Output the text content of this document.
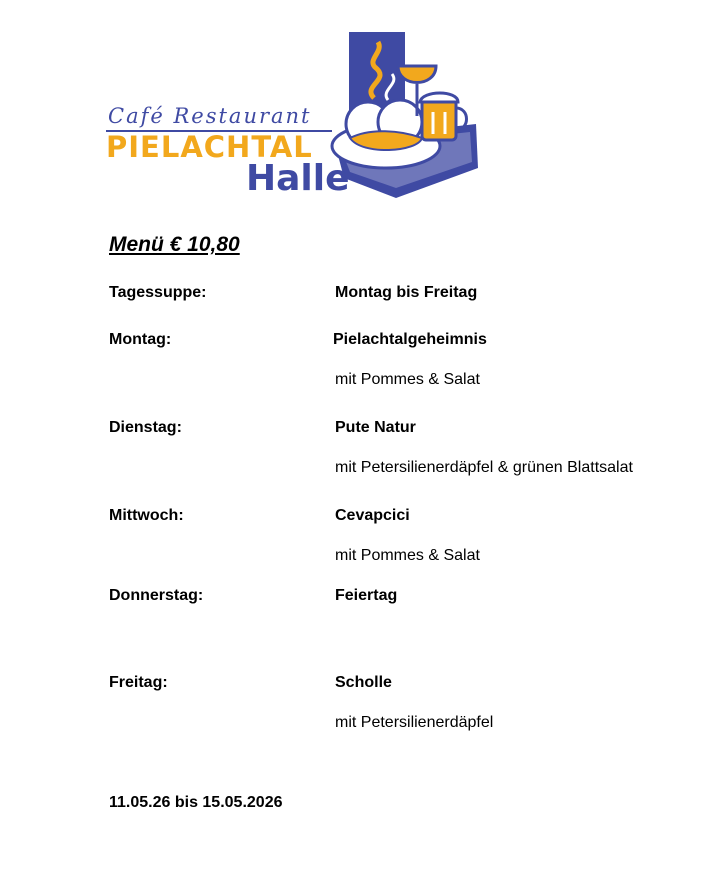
Café Restaurant
PIELACHTAL
Halle
Menü € 10,80
Tagessuppe:	Montag bis Freitag
Montag:	Pielachtalgeheimnis
mit Pommes & Salat
Dienstag:	Pute Natur
mit Petersilienerdäpfel & grünen Blattsalat
Mittwoch:	Cevapcici
mit Pommes & Salat
Donnerstag:	Feiertag
Freitag:	Scholle
mit Petersilienerdäpfel
11.05.26 bis 15.05.2026
